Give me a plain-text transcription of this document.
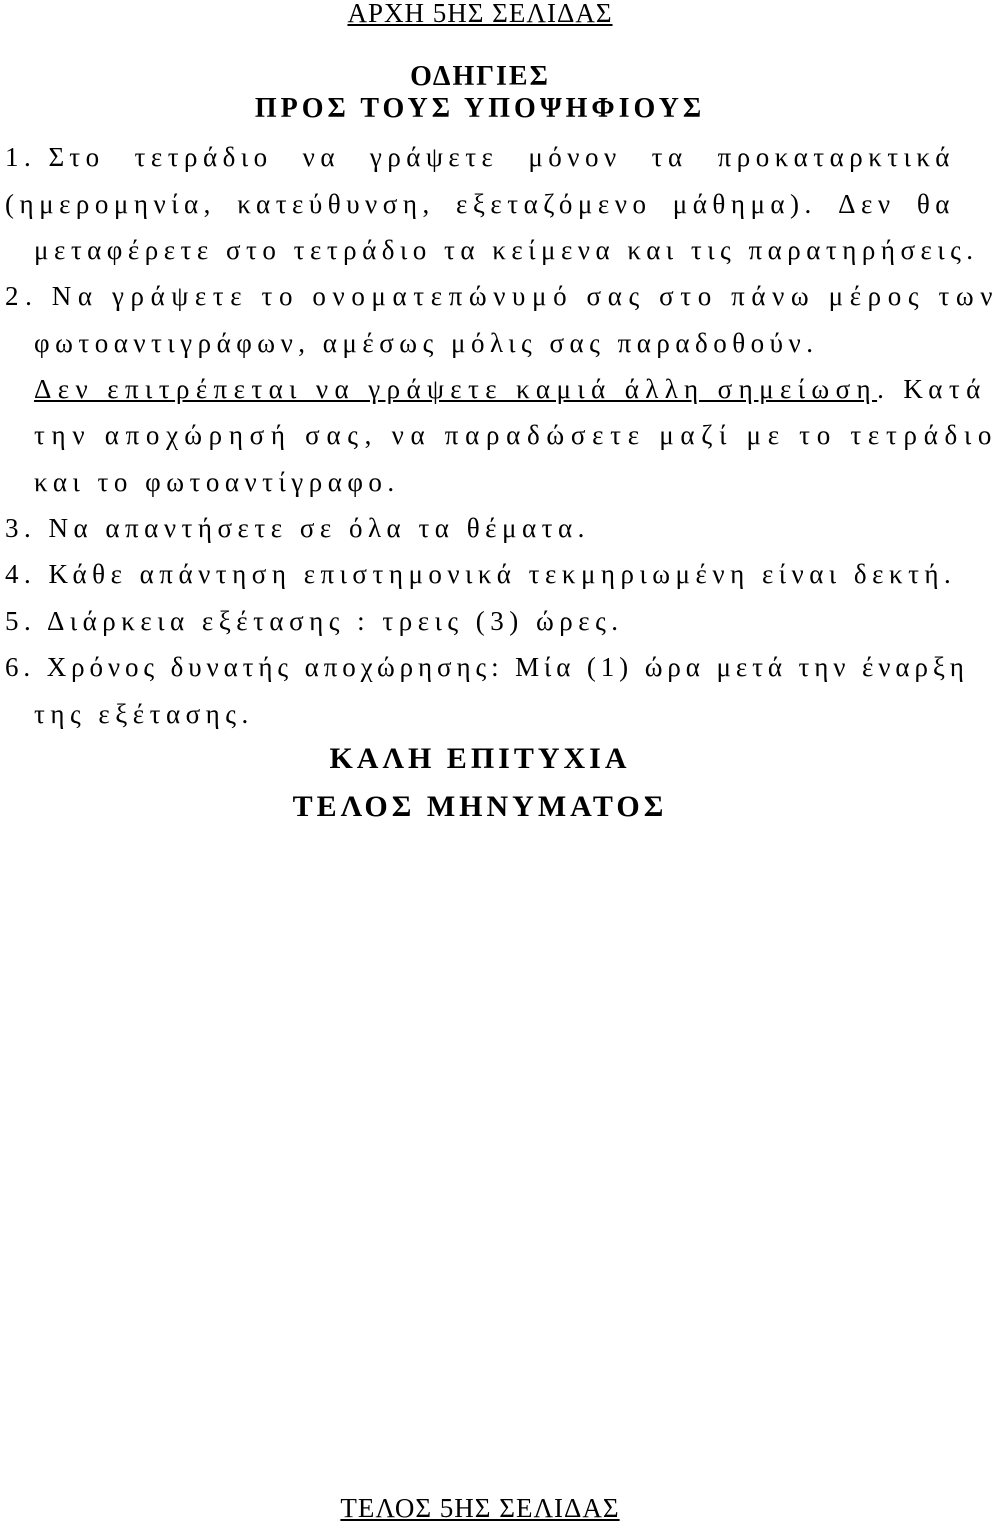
ΑΡΧΗ 5ΗΣ ΣΕΛΙΔΑΣ
ΟΔΗΓΙΕΣ
ΠΡΟΣ ΤΟΥΣ ΥΠΟΨΗΦΙΟΥΣ
1. Στο τετράδιο να γράψετε μόνον τα προκαταρκτικά
(ημερομηνία, κατεύθυνση, εξεταζόμενο μάθημα). Δεν θα
μεταφέρετε στο τετράδιο τα κείμενα και τις παρατηρήσεις.
2. Να γράψετε το ονοματεπώνυμό σας στο πάνω μέρος των
φωτοαντιγράφων, αμέσως μόλις σας παραδοθούν.
Δεν επιτρέπεται να γράψετε καμιά άλλη σημείωση. Κατά
την αποχώρησή σας, να παραδώσετε μαζί με το τετράδιο
και το φωτοαντίγραφο.
3. Να απαντήσετε σε όλα τα θέματα.
4. Κάθε απάντηση επιστημονικά τεκμηριωμένη είναι δεκτή.
5. Διάρκεια εξέτασης : τρεις (3) ώρες.
6. Χρόνος δυνατής αποχώρησης: Μία (1) ώρα μετά την έναρξη
της εξέτασης.
ΚΑΛΗ ΕΠΙΤΥΧΙΑ
ΤΕΛΟΣ ΜΗΝΥΜΑΤΟΣ
ΤΕΛΟΣ 5ΗΣ ΣΕΛΙΔΑΣ
